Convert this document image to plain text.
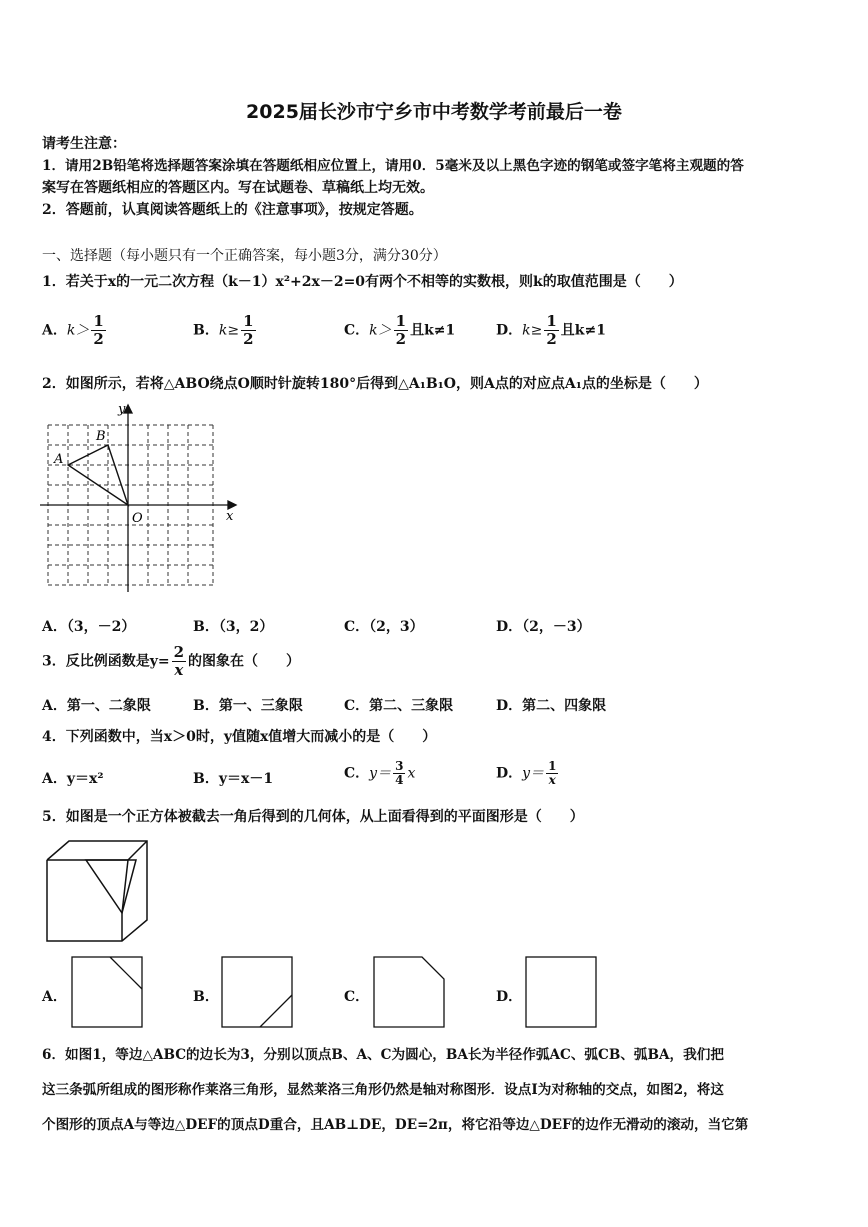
2025届长沙市宁乡市中考数学考前最后一卷
请考生注意：
1．请用2B铅笔将选择题答案涂填在答题纸相应位置上，请用0．5毫米及以上黑色字迹的钢笔或签字笔将主观题的答
案写在答题纸相应的答题区内。写在试题卷、草稿纸上均无效。
2．答题前，认真阅读答题纸上的《注意事项》，按规定答题。
一、选择题（每小题只有一个正确答案，每小题3分，满分30分）
1．若关于x的一元二次方程（k－1）x²+2x－2=0有两个不相等的实数根，则k的取值范围是（　　）
A．$k> \frac{1}{2}$	B．$k\ge \frac{1}{2}$	C．$k> \frac{1}{2}$ 且k≠1	D．$k\ge \frac{1}{2}$ 且k≠1
2．如图所示，若将△ABO绕点O顺时针旋转180°后得到△A₁B₁O，则A点的对应点A₁点的坐标是（　　）
A
B
O	x
y
A．（3，－2）	B．（3，2）	C．（2，3）	D．（2，－3）
3．反比例函数是$y= \frac{2}{x}$ 的图象在（　　）
A．第一、二象限	B．第一、三象限	C．第二、三象限	D．第二、四象限
4．下列函数中，当x＞0时，y值随x值增大而减小的是（　　）
A．y＝x²	B．y＝x－1	C．$y= \frac{3}{4}$ x	D．$y= \frac{1}{x}$
5．如图是一个正方体被截去一角后得到的几何体，从上面看得到的平面图形是（　　）
A．	B．	C．	D．
6．如图1，等边△ABC的边长为3，分别以顶点B、A、C为圆心，BA长为半径作弧AC、弧CB、弧BA，我们把
这三条弧所组成的图形称作莱洛三角形，显然莱洛三角形仍然是轴对称图形．设点I为对称轴的交点，如图2，将这
个图形的顶点A与等边△DEF的顶点D重合，且AB⊥DE，DE=2π，将它沿等边△DEF的边作无滑动的滚动，当它第
